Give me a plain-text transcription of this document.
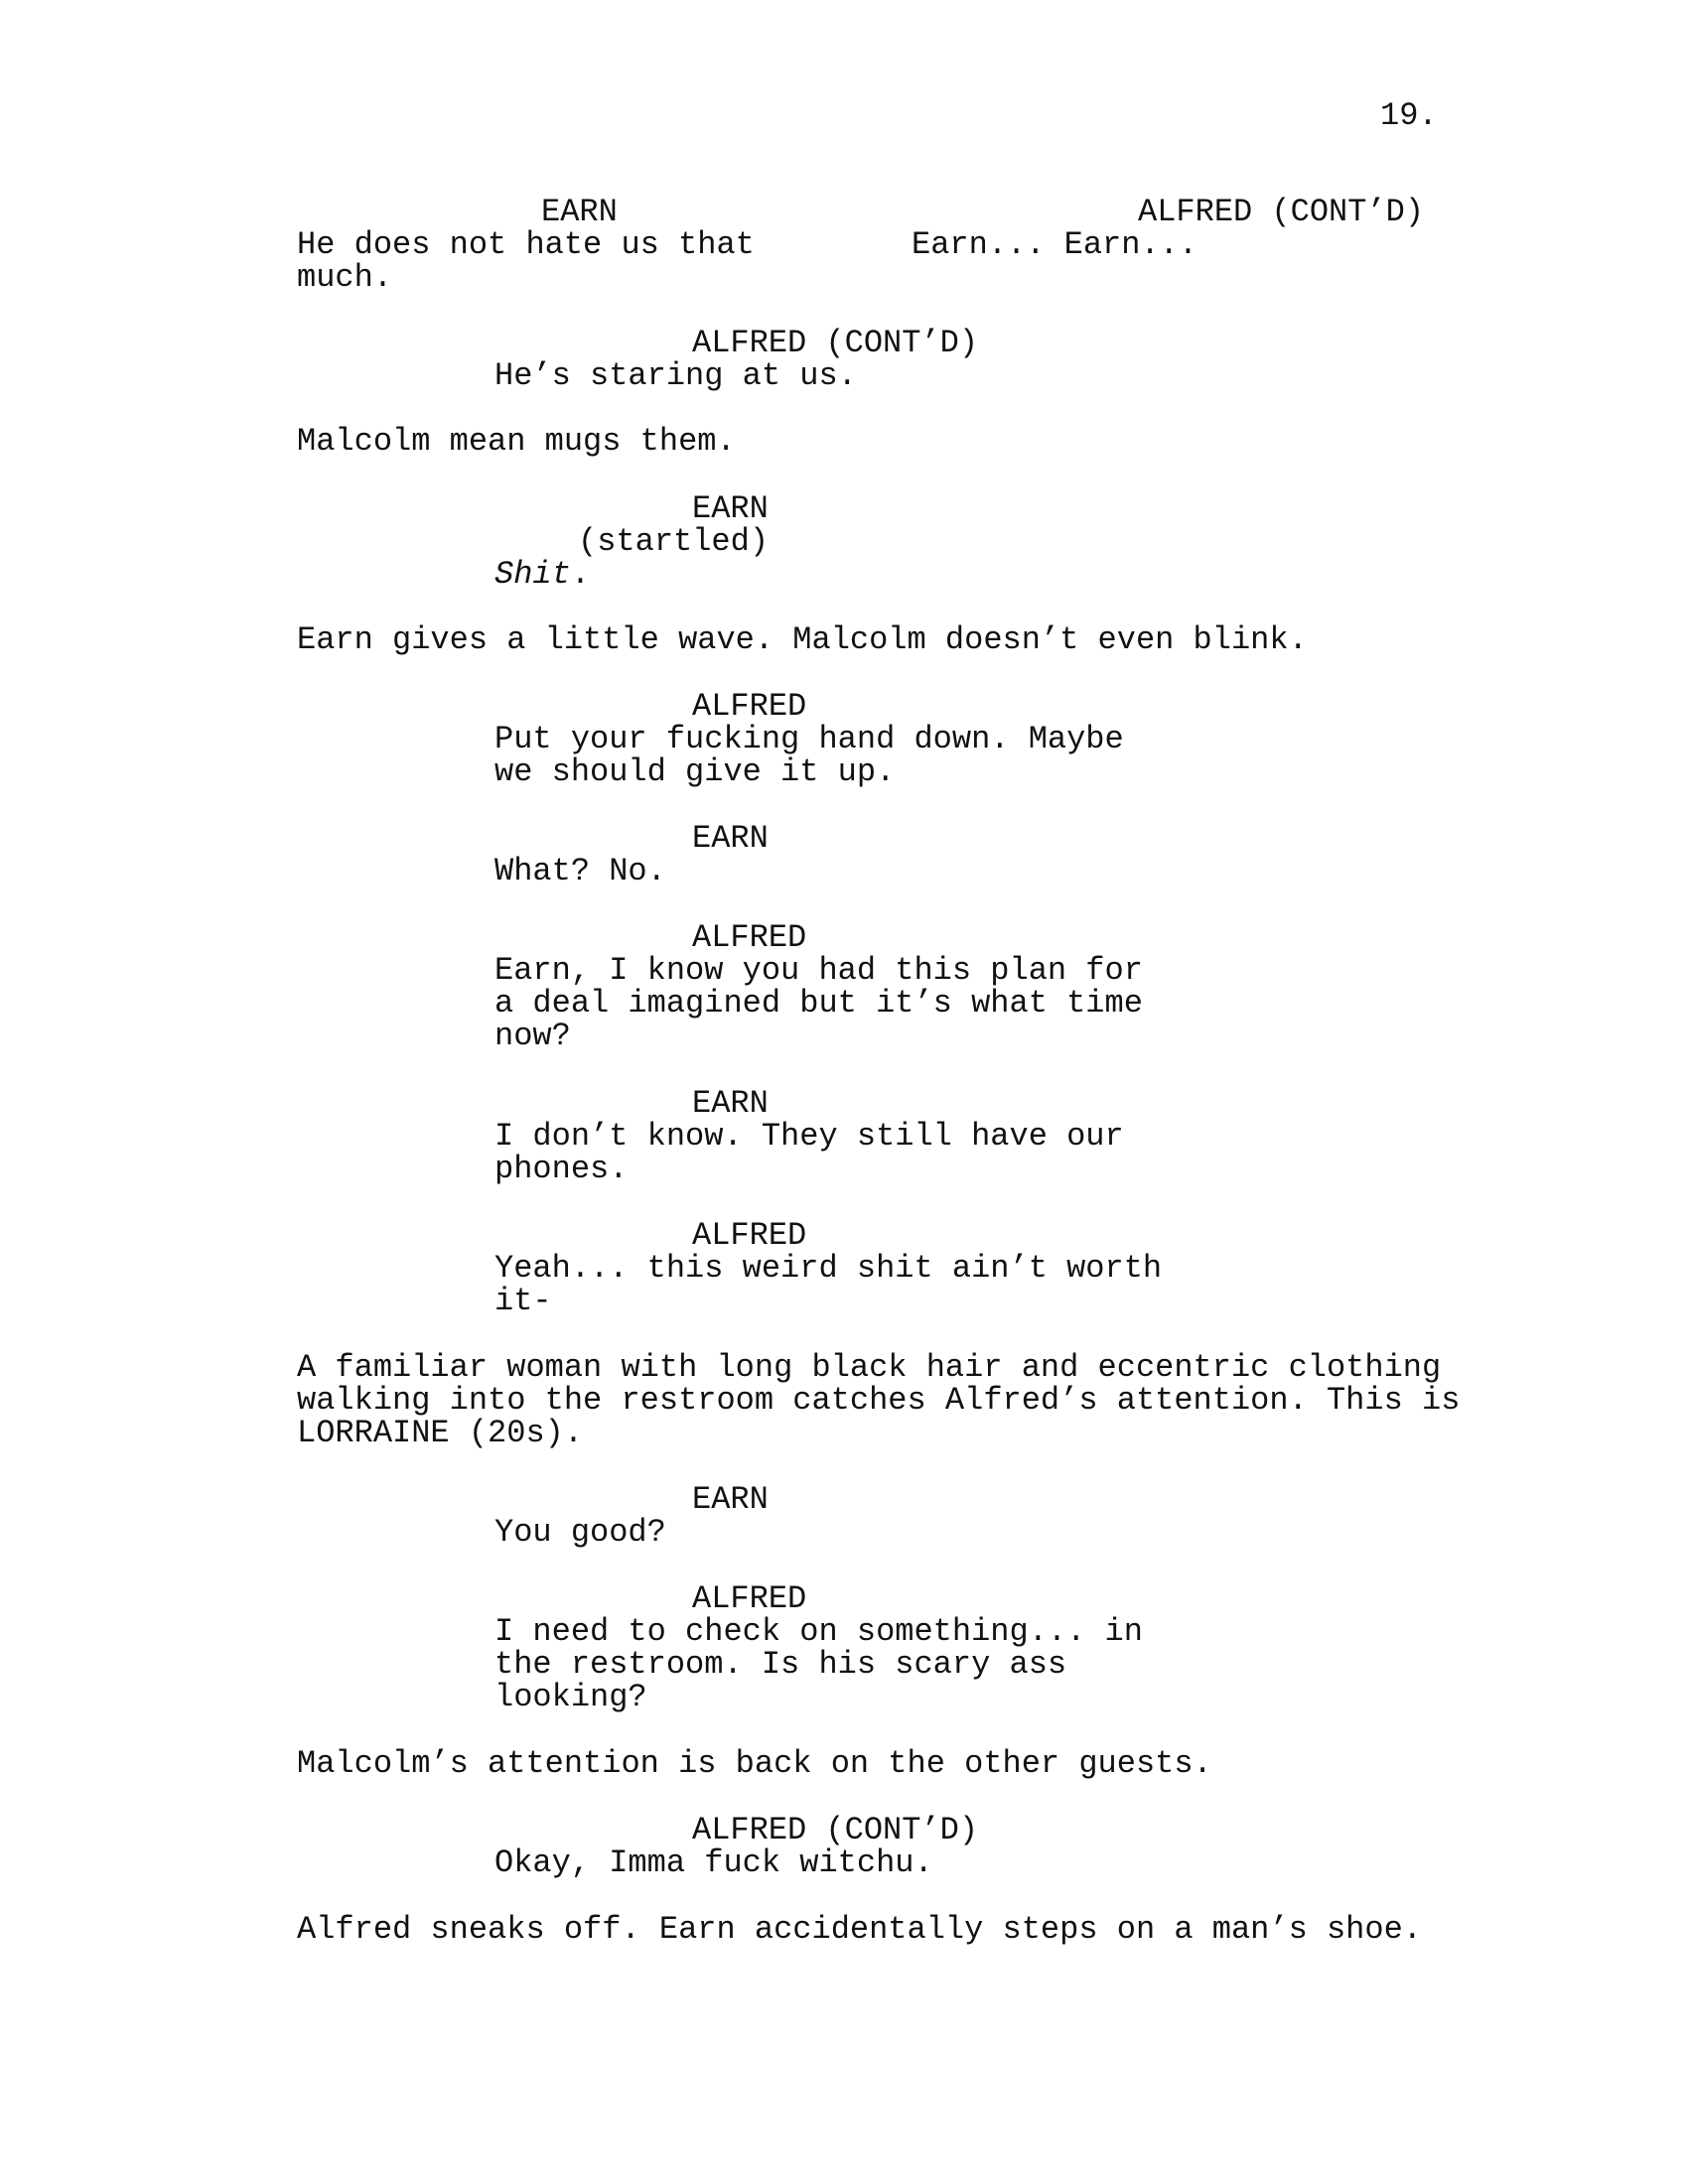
19.
EARN
He does not hate us that
much.
ALFRED (CONT’D)
Earn... Earn...
ALFRED (CONT’D)
He’s staring at us.
Malcolm mean mugs them.
EARN
(startled)
Shit.
Earn gives a little wave. Malcolm doesn’t even blink.
ALFRED
Put your fucking hand down. Maybe
we should give it up.
EARN
What? No.
ALFRED
Earn, I know you had this plan for
a deal imagined but it’s what time
now?
EARN
I don’t know. They still have our
phones.
ALFRED
Yeah... this weird shit ain’t worth
it-
A familiar woman with long black hair and eccentric clothing
walking into the restroom catches Alfred’s attention. This is
LORRAINE (20s).
EARN
You good?
ALFRED
I need to check on something... in
the restroom. Is his scary ass
looking?
Malcolm’s attention is back on the other guests.
ALFRED (CONT’D)
Okay, Imma fuck witchu.
Alfred sneaks off. Earn accidentally steps on a man’s shoe.
